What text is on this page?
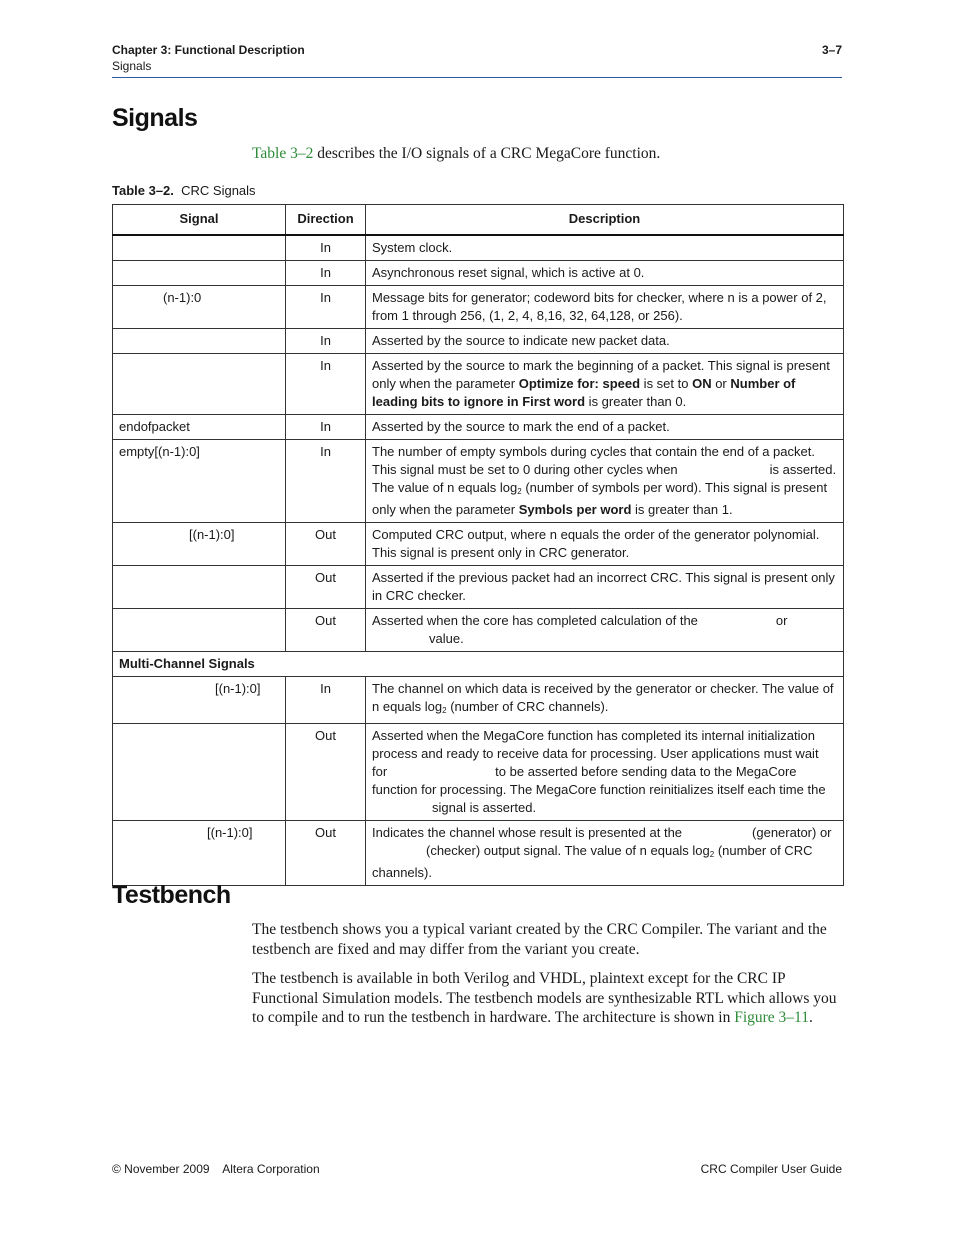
Chapter 3: Functional Description
Signals
3–7
Signals
Table 3–2 describes the I/O signals of a CRC MegaCore function.
Table 3–2. CRC Signals
Signal	Direction	Description
	In	System clock.
	In	Asynchronous reset signal, which is active at 0.
(n-1):0	In	Message bits for generator; codeword bits for checker, where n is a power of 2, from 1 through 256, (1, 2, 4, 8,16, 32, 64,128, or 256).
	In	Asserted by the source to indicate new packet data.
	In	Asserted by the source to mark the beginning of a packet. This signal is present only when the parameter Optimize for: speed is set to ON or Number of leading bits to ignore in First word is greater than 0.
endofpacket	In	Asserted by the source to mark the end of a packet.
empty[(n-1):0]	In	The number of empty symbols during cycles that contain the end of a packet. This signal must be set to 0 during other cycles when is asserted. The value of n equals $\log_2$ (number of symbols per word). This signal is present only when the parameter Symbols per word is greater than 1.
[(n-1):0]	Out	Computed CRC output, where n equals the order of the generator polynomial. This signal is present only in CRC generator.
	Out	Asserted if the previous packet had an incorrect CRC. This signal is present only in CRC checker.
	Out	Asserted when the core has completed calculation of the or
value.
Multi-Channel Signals		
[(n-1):0]	In	The channel on which data is received by the generator or checker. The value of n equals $\log_2$ (number of CRC channels).
	Out	Asserted when the MegaCore function has completed its internal initialization process and ready to receive data for processing. User applications must wait for to be asserted before sending data to the MegaCore function for processing. The MegaCore function reinitializes itself each time the
signal is asserted.
[(n-1):0]	Out	Indicates the channel whose result is presented at the (generator) or(checker) output signal. The value of n equals $\log_2$ (number of CRC channels).
Testbench
The testbench shows you a typical variant created by the CRC Compiler. The variant and the testbench are fixed and may differ from the variant you create.
The testbench is available in both Verilog and VHDL, plaintext except for the CRC IP Functional Simulation models. The testbench models are synthesizable RTL which allows you to compile and to run the testbench in hardware. The architecture is shown in Figure 3–11.
© November 2009    Altera Corporation	CRC Compiler User Guide
